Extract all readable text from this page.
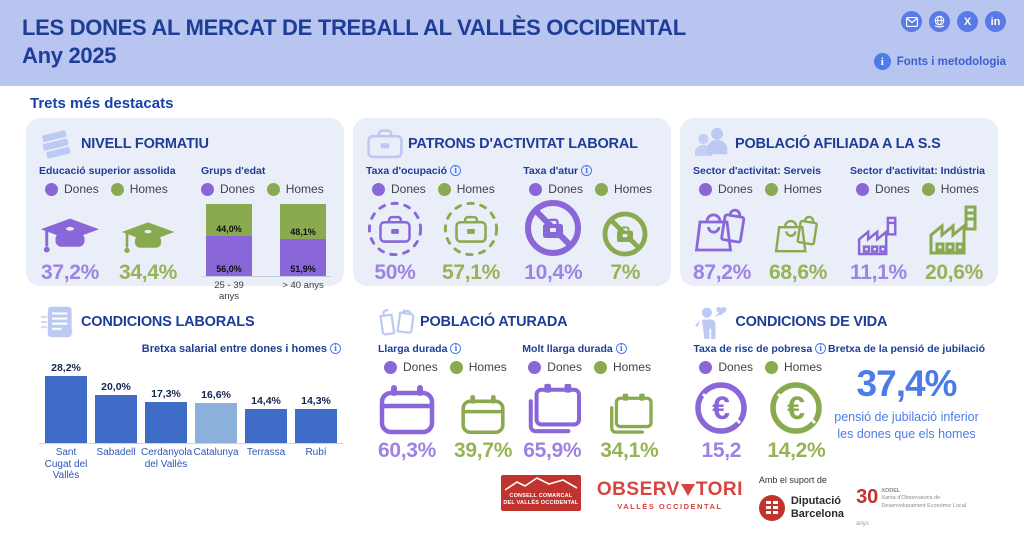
LES DONES AL MERCAT DE TREBALL AL VALLÈS OCCIDENTAL
Any 2025
X in
i	Fonts i metodologia
Trets més destacats
NIVELL FORMATIU
Educació superior assolida
Dones	Homes
37,2% 34,4%
Grups d'edat
Dones	Homes
44,0%
56,0%
48,1%
51,9%
25 - 39 anys
> 40 anys
PATRONS D'ACTIVITAT LABORAL
Taxa d'ocupació i
Dones	Homes
50% 57,1%
Taxa d'atur i
Dones	Homes
10,4% 7%
POBLACIÓ AFILIADA A LA S.S
Sector d'activitat: Serveis
Dones	Homes
87,2% 68,6%
Sector d'activitat: Indústria
Dones	Homes
11,1% 20,6%
CONDICIONS LABORALS
Bretxa salarial entre dones i homes i
28,2%
20,0%
17,3% 16,6% 14,4% 14,3%
Sant Cugat del Vallès
Sabadell Cerdanyola del Vallès
Catalunya Terrassa	Rubí
POBLACIÓ ATURADA
Llarga durada i
Dones	Homes
60,3% 39,7%
Molt llarga durada i
Dones	Homes
65,9% 34,1%
CONDICIONS DE VIDA
Taxa de risc de pobresa i
Dones	Homes
€
15,2
€
14,2%
Bretxa de la pensió de jubilació
37,4%
pensió de jubilació inferior
les dones que els homes
CONSELL COMARCAL
DEL VALLÈS OCCIDENTAL
OBSERV TORI
VALLÈS OCCIDENTAL
Amb el suport de
Diputació
Barcelona
30
anys
XODEL
Xarxa d'Observatoris de
Desenvolupament Econòmic Local
